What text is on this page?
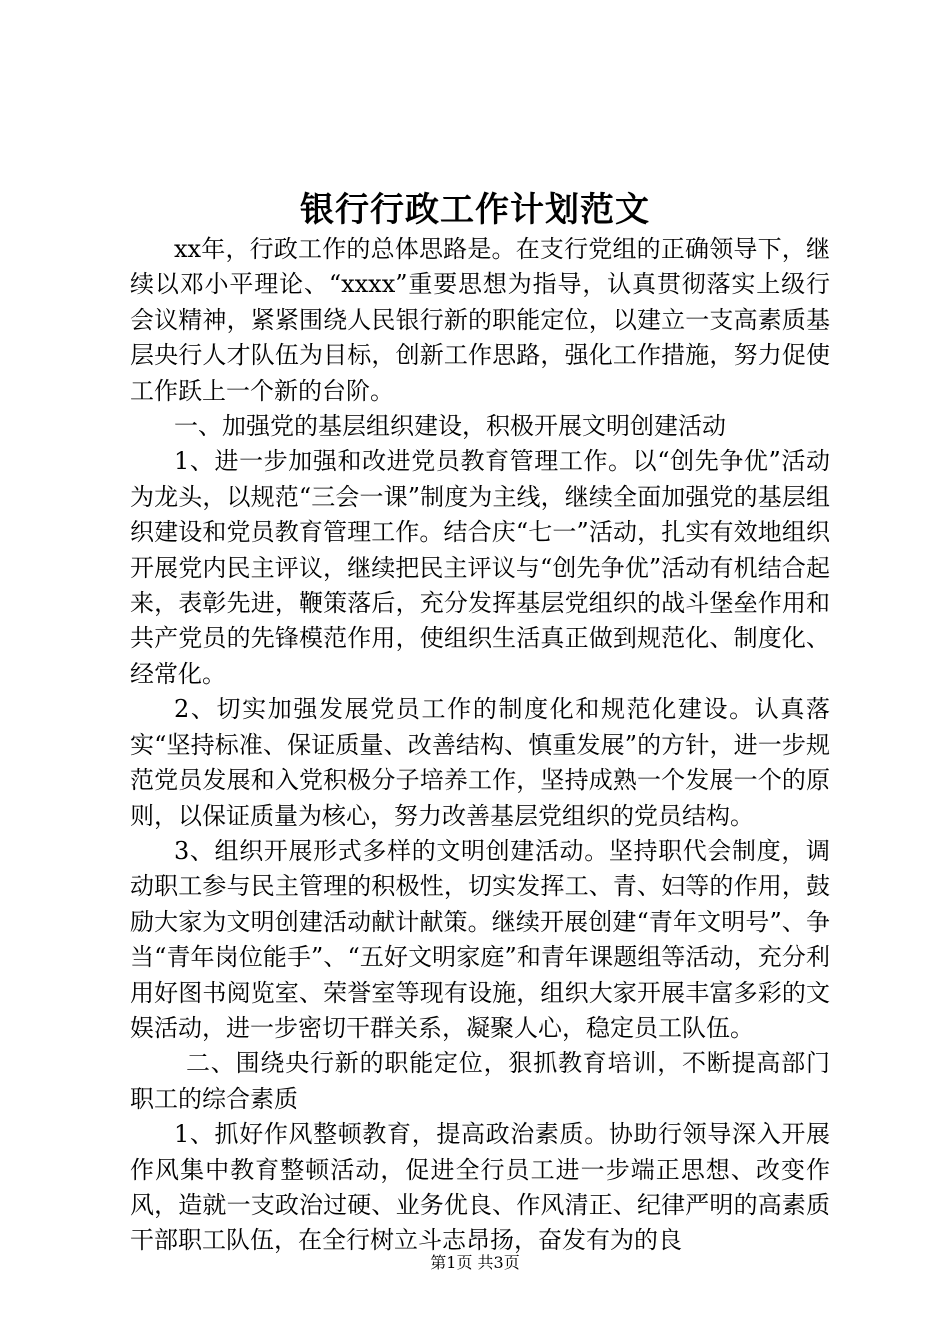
银行行政工作计划范文

xx年，行政工作的总体思路是。在支行党组的正确领导下，继续以邓小平理论、“xxxx”重要思想为指导，认真贯彻落实上级行会议精神，紧紧围绕人民银行新的职能定位，以建立一支高素质基层央行人才队伍为目标，创新工作思路，强化工作措施，努力促使工作跃上一个新的台阶。

一、加强党的基层组织建设，积极开展文明创建活动

1、进一步加强和改进党员教育管理工作。以“创先争优”活动为龙头，以规范“三会一课”制度为主线，继续全面加强党的基层组织建设和党员教育管理工作。结合庆“七一”活动，扎实有效地组织开展党内民主评议，继续把民主评议与“创先争优”活动有机结合起来，表彰先进，鞭策落后，充分发挥基层党组织的战斗堡垒作用和共产党员的先锋模范作用，使组织生活真正做到规范化、制度化、经常化。

2、切实加强发展党员工作的制度化和规范化建设。认真落实“坚持标准、保证质量、改善结构、慎重发展”的方针，进一步规范党员发展和入党积极分子培养工作，坚持成熟一个发展一个的原则，以保证质量为核心，努力改善基层党组织的党员结构。

3、组织开展形式多样的文明创建活动。坚持职代会制度，调动职工参与民主管理的积极性，切实发挥工、青、妇等的作用，鼓励大家为文明创建活动献计献策。继续开展创建“青年文明号”、争当“青年岗位能手”、“五好文明家庭”和青年课题组等活动，充分利用好图书阅览室、荣誉室等现有设施，组织大家开展丰富多彩的文娱活动，进一步密切干群关系，凝聚人心，稳定员工队伍。

二、围绕央行新的职能定位，狠抓教育培训，不断提高部门职工的综合素质

1、抓好作风整顿教育，提高政治素质。协助行领导深入开展作风集中教育整顿活动，促进全行员工进一步端正思想、改变作风，造就一支政治过硬、业务优良、作风清正、纪律严明的高素质干部职工队伍，在全行树立斗志昂扬，奋发有为的良

第1页 共3页
